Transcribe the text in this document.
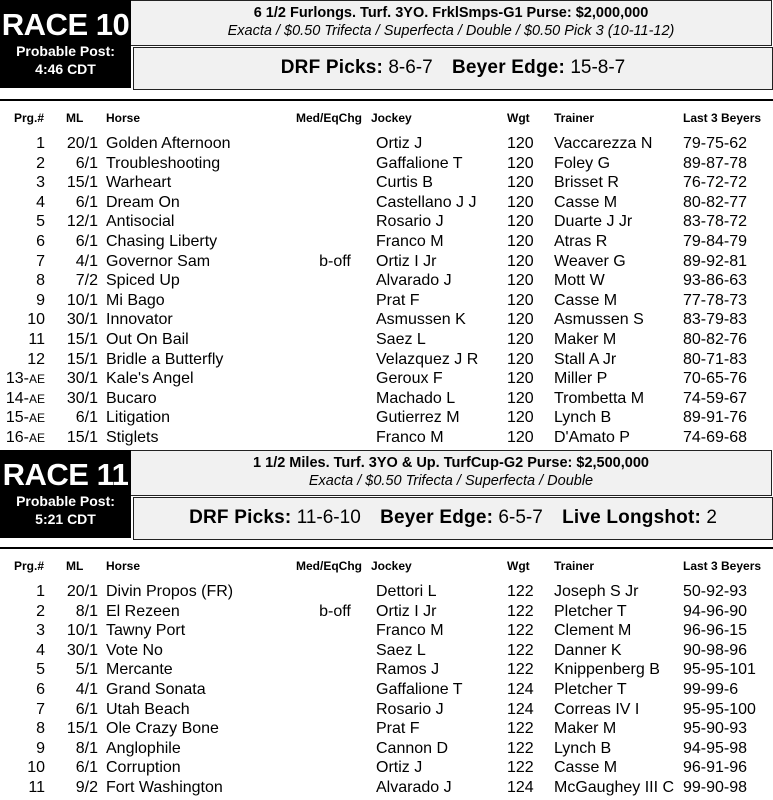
RACE 10
Probable Post:
4:46 CDT
6 1/2 Furlongs. Turf. 3YO. FrklSmps-G1 Purse: $2,000,000
Exacta / $0.50 Trifecta / Superfecta / Double / $0.50 Pick 3 (10-11-12)
DRF Picks: 8-6-7 Beyer Edge: 15-8-7
Prg.# ML Horse	Med/EqChg Jockey	Wgt Trainer	Last 3 Beyers
1	20/1 Golden Afternoon	Ortiz J	120 Vaccarezza N 79-75-62
2	6/1 Troubleshooting	Gaffalione T	120 Foley G	89-87-78
3	15/1 Warheart	Curtis B	120 Brisset R	76-72-72
4	6/1 Dream On	Castellano J J 120 Casse M	80-82-77
5	12/1 Antisocial	Rosario J	120 Duarte J Jr	83-78-72
6	6/1 Chasing Liberty	Franco M	120 Atras R	79-84-79
7	4/1 Governor Sam	b-off	Ortiz I Jr	120 Weaver G	89-92-81
8	7/2 Spiced Up	Alvarado J	120 Mott W	93-86-63
9	10/1 Mi Bago	Prat F	120 Casse M	77-78-73
10	30/1 Innovator	Asmussen K	120 Asmussen S 83-79-83
11	15/1 Out On Bail	Saez L	120 Maker M	80-82-76
12	15/1 Bridle a Butterfly	Velazquez J R 120 Stall A Jr	80-71-83
13-AE	30/1 Kale's Angel	Geroux F	120 Miller P	70-65-76
14-AE	30/1 Bucaro	Machado L	120 Trombetta M 74-59-67
15-AE	6/1 Litigation	Gutierrez M	120 Lynch B	89-91-76
16-AE	15/1 Stiglets	Franco M	120 D'Amato P	74-69-68
RACE 11
Probable Post:
5:21 CDT
1 1/2 Miles. Turf. 3YO & Up. TurfCup-G2 Purse: $2,500,000
Exacta / $0.50 Trifecta / Superfecta / Double
DRF Picks: 11-6-10 Beyer Edge: 6-5-7 Live Longshot: 2
Prg.# ML Horse	Med/EqChg Jockey	Wgt Trainer	Last 3 Beyers
1	20/1 Divin Propos (FR)	Dettori L	122 Joseph S Jr	50-92-93
2	8/1 El Rezeen	b-off	Ortiz I Jr	122 Pletcher T	94-96-90
3	10/1 Tawny Port	Franco M	122 Clement M	96-96-15
4	30/1 Vote No	Saez L	122 Danner K	90-98-96
5	5/1 Mercante	Ramos J	122 Knippenberg B 95-95-101
6	4/1 Grand Sonata	Gaffalione T	124 Pletcher T	99-99-6
7	6/1 Utah Beach	Rosario J	124 Correas IV I	95-95-100
8	15/1 Ole Crazy Bone	Prat F	122 Maker M	95-90-93
9	8/1 Anglophile	Cannon D	122 Lynch B	94-95-98
10	6/1 Corruption	Ortiz J	122 Casse M	96-91-96
11	9/2 Fort Washington	Alvarado J	124 McGaughey III C 99-90-98
